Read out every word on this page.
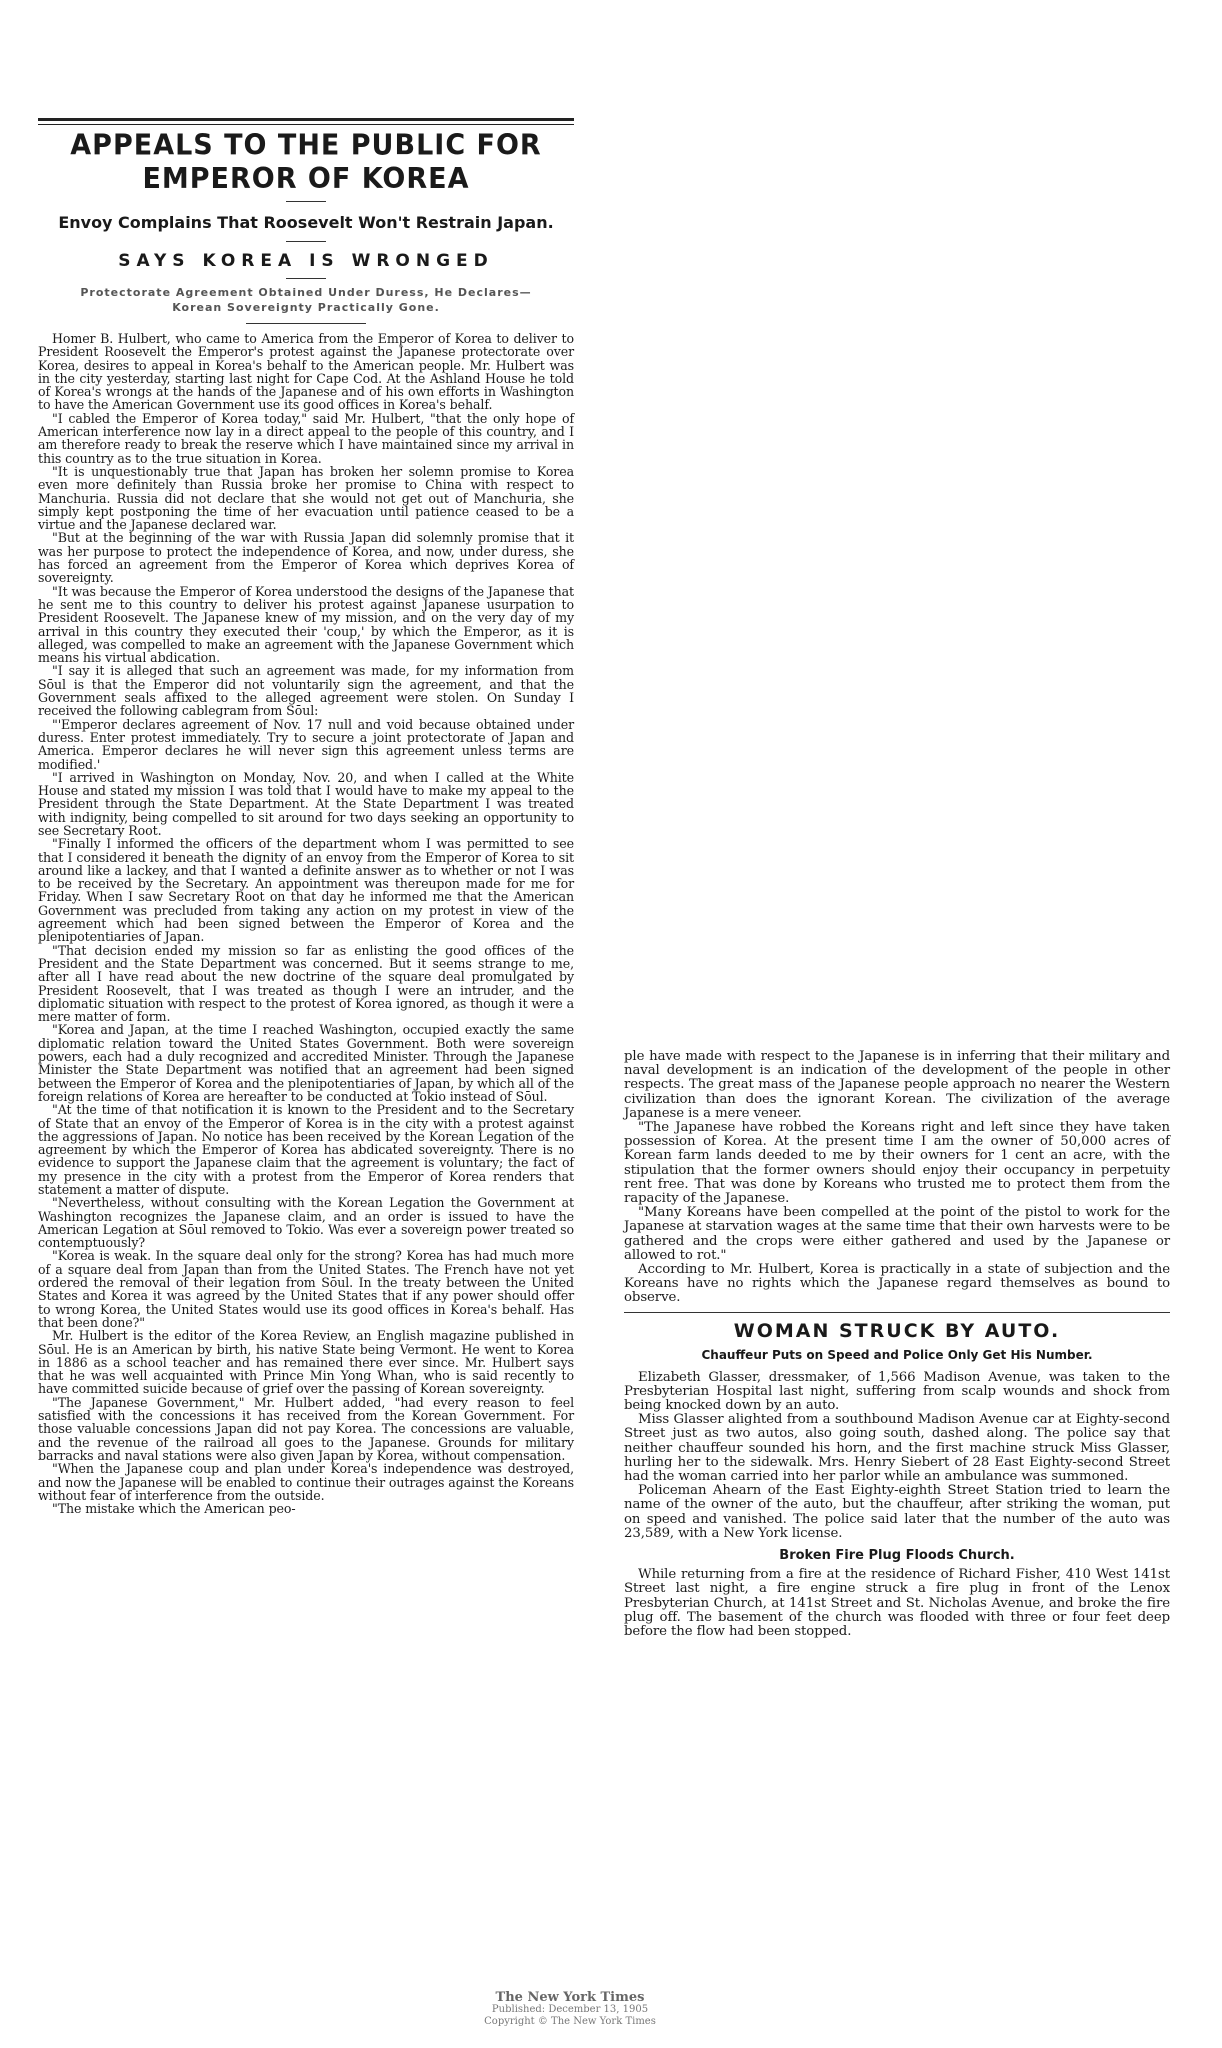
APPEALS TO THE PUBLIC FOR EMPEROR OF KOREA
Envoy Complains That Roosevelt Won't Restrain Japan.
SAYS KOREA IS WRONGED
Protectorate Agreement Obtained Under Duress, He Declares—Korean Sovereignty Practically Gone.

Homer B. Hulbert, who came to America from the Emperor of Korea to deliver to President Roosevelt the Emperor's protest against the Japanese protectorate over Korea, desires to appeal in Korea's behalf to the American people. Mr. Hulbert was in the city yesterday, starting last night for Cape Cod. At the Ashland House he told of Korea's wrongs at the hands of the Japanese and of his own efforts in Washington to have the American Government use its good offices in Korea's behalf.

"I cabled the Emperor of Korea today," said Mr. Hulbert, "that the only hope of American interference now lay in a direct appeal to the people of this country, and I am therefore ready to break the reserve which I have maintained since my arrival in this country as to the true situation in Korea.

"It is unquestionably true that Japan has broken her solemn promise to Korea even more definitely than Russia broke her promise to China with respect to Manchuria. Russia did not declare that she would not get out of Manchuria, she simply kept postponing the time of her evacuation until patience ceased to be a virtue and the Japanese declared war.

"But at the beginning of the war with Russia Japan did solemnly promise that it was her purpose to protect the independence of Korea, and now, under duress, she has forced an agreement from the Emperor of Korea which deprives Korea of sovereignty.

"It was because the Emperor of Korea understood the designs of the Japanese that he sent me to this country to deliver his protest against Japanese usurpation to President Roosevelt. The Japanese knew of my mission, and on the very day of my arrival in this country they executed their 'coup,' by which the Emperor, as it is alleged, was compelled to make an agreement with the Japanese Government which means his virtual abdication.

"I say it is alleged that such an agreement was made, for my information from Sōul is that the Emperor did not voluntarily sign the agreement, and that the Government seals affixed to the alleged agreement were stolen. On Sunday I received the following cablegram from Sōul:

"'Emperor declares agreement of Nov. 17 null and void because obtained under duress. Enter protest immediately. Try to secure a joint protectorate of Japan and America. Emperor declares he will never sign this agreement unless terms are modified.'

"I arrived in Washington on Monday, Nov. 20, and when I called at the White House and stated my mission I was told that I would have to make my appeal to the President through the State Department. At the State Department I was treated with indignity, being compelled to sit around for two days seeking an opportunity to see Secretary Root.

"Finally I informed the officers of the department whom I was permitted to see that I considered it beneath the dignity of an envoy from the Emperor of Korea to sit around like a lackey, and that I wanted a definite answer as to whether or not I was to be received by the Secretary. An appointment was thereupon made for me for Friday. When I saw Secretary Root on that day he informed me that the American Government was precluded from taking any action on my protest in view of the agreement which had been signed between the Emperor of Korea and the plenipotentiaries of Japan.

"That decision ended my mission so far as enlisting the good offices of the President and the State Department was concerned. But it seems strange to me, after all I have read about the new doctrine of the square deal promulgated by President Roosevelt, that I was treated as though I were an intruder, and the diplomatic situation with respect to the protest of Korea ignored, as though it were a mere matter of form.

"Korea and Japan, at the time I reached Washington, occupied exactly the same diplomatic relation toward the United States Government. Both were sovereign powers, each had a duly recognized and accredited Minister. Through the Japanese Minister the State Department was notified that an agreement had been signed between the Emperor of Korea and the plenipotentiaries of Japan, by which all of the foreign relations of Korea are hereafter to be conducted at Tokio instead of Sōul.

"At the time of that notification it is known to the President and to the Secretary of State that an envoy of the Emperor of Korea is in the city with a protest against the aggressions of Japan. No notice has been received by the Korean Legation of the agreement by which the Emperor of Korea has abdicated sovereignty. There is no evidence to support the Japanese claim that the agreement is voluntary; the fact of my presence in the city with a protest from the Emperor of Korea renders that statement a matter of dispute.

"Nevertheless, without consulting with the Korean Legation the Government at Washington recognizes the Japanese claim, and an order is issued to have the American Legation at Sōul removed to Tokio. Was ever a sovereign power treated so contemptuously?

"Korea is weak. In the square deal only for the strong? Korea has had much more of a square deal from Japan than from the United States. The French have not yet ordered the removal of their legation from Sōul. In the treaty between the United States and Korea it was agreed by the United States that if any power should offer to wrong Korea, the United States would use its good offices in Korea's behalf. Has that been done?"

Mr. Hulbert is the editor of the Korea Review, an English magazine published in Sōul. He is an American by birth, his native State being Vermont. He went to Korea in 1886 as a school teacher and has remained there ever since. Mr. Hulbert says that he was well acquainted with Prince Min Yong Whan, who is said recently to have committed suicide because of grief over the passing of Korean sovereignty.

"The Japanese Government," Mr. Hulbert added, "had every reason to feel satisfied with the concessions it has received from the Korean Government. For those valuable concessions Japan did not pay Korea. The concessions are valuable, and the revenue of the railroad all goes to the Japanese. Grounds for military barracks and naval stations were also given Japan by Korea, without compensation.

"When the Japanese coup and plan under Korea's independence was destroyed, and now the Japanese will be enabled to continue their outrages against the Koreans without fear of interference from the outside.

"The mistake which the American peo-

ple have made with respect to the Japanese is in inferring that their military and naval development is an indication of the development of the people in other respects. The great mass of the Japanese people approach no nearer the Western civilization than does the ignorant Korean. The civilization of the average Japanese is a mere veneer.

"The Japanese have robbed the Koreans right and left since they have taken possession of Korea. At the present time I am the owner of 50,000 acres of Korean farm lands deeded to me by their owners for 1 cent an acre, with the stipulation that the former owners should enjoy their occupancy in perpetuity rent free. That was done by Koreans who trusted me to protect them from the rapacity of the Japanese.

"Many Koreans have been compelled at the point of the pistol to work for the Japanese at starvation wages at the same time that their own harvests were to be gathered and the crops were either gathered and used by the Japanese or allowed to rot."

According to Mr. Hulbert, Korea is practically in a state of subjection and the Koreans have no rights which the Japanese regard themselves as bound to observe.

WOMAN STRUCK BY AUTO.
Chauffeur Puts on Speed and Police Only Get His Number.

Elizabeth Glasser, dressmaker, of 1,566 Madison Avenue, was taken to the Presbyterian Hospital last night, suffering from scalp wounds and shock from being knocked down by an auto.

Miss Glasser alighted from a southbound Madison Avenue car at Eighty-second Street just as two autos, also going south, dashed along. The police say that neither chauffeur sounded his horn, and the first machine struck Miss Glasser, hurling her to the sidewalk. Mrs. Henry Siebert of 28 East Eighty-second Street had the woman carried into her parlor while an ambulance was summoned.

Policeman Ahearn of the East Eighty-eighth Street Station tried to learn the name of the owner of the auto, but the chauffeur, after striking the woman, put on speed and vanished. The police said later that the number of the auto was 23,589, with a New York license.

Broken Fire Plug Floods Church.

While returning from a fire at the residence of Richard Fisher, 410 West 141st Street last night, a fire engine struck a fire plug in front of the Lenox Presbyterian Church, at 141st Street and St. Nicholas Avenue, and broke the fire plug off. The basement of the church was flooded with three or four feet deep before the flow had been stopped.

The New York Times
Published: December 13, 1905
Copyright © The New York Times
